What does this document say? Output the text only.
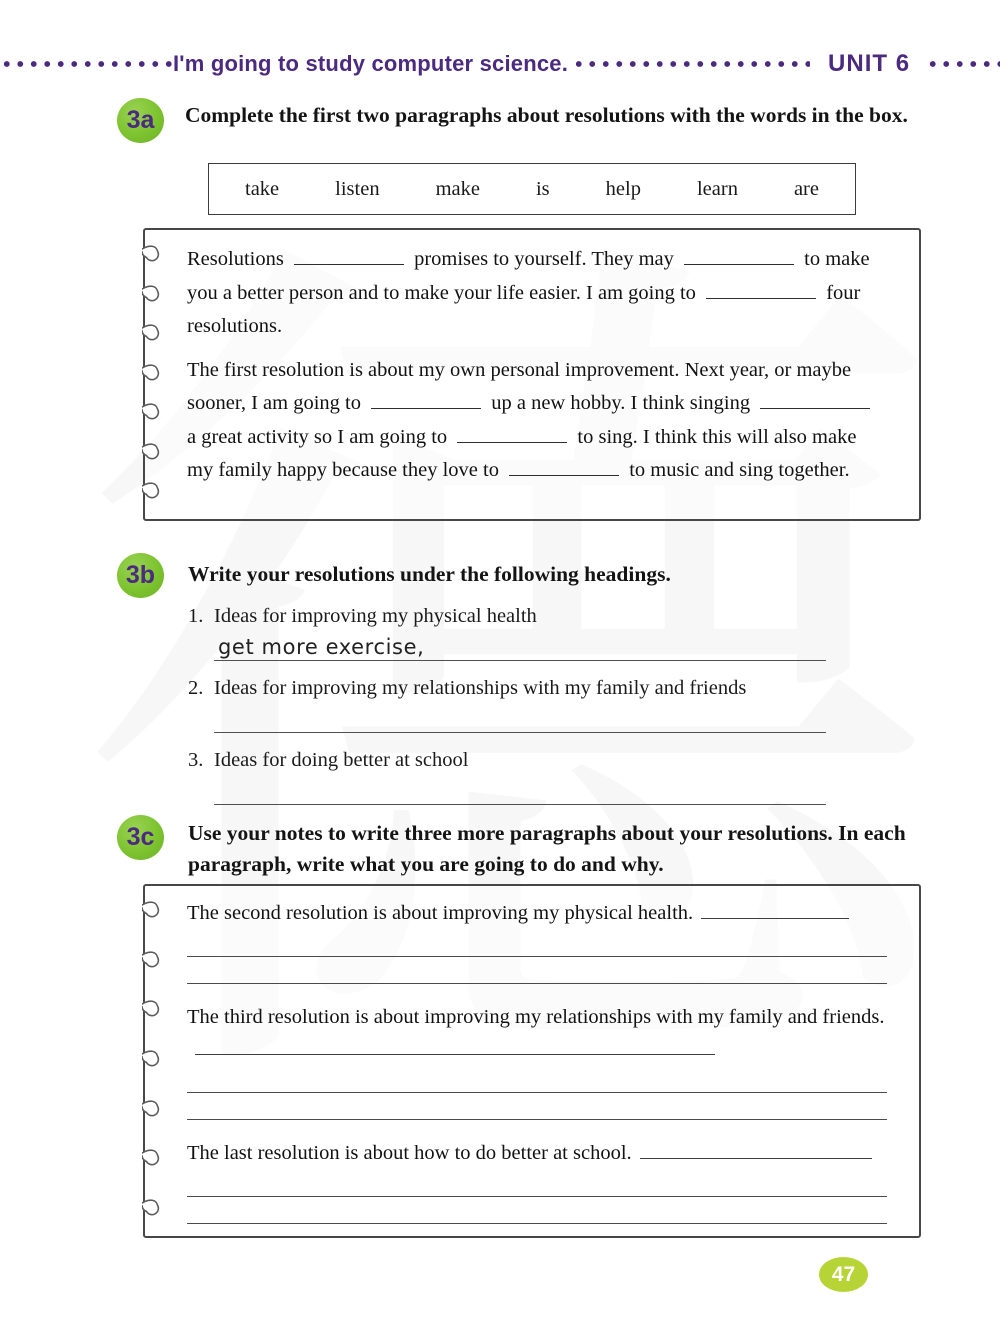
I'm going to study computer science.	UNIT 6
3a	Complete the first two paragraphs about resolutions with the words in the box.
take	listen	make	is	help	learn	are

Resolutions	promises to yourself. They may	to make you a better person and to make your life easier. I am going to	four resolutions.

The first resolution is about my own personal improvement. Next year, or maybe sooner, I am going to	up a new hobby. I think singing  a great activity so I am going to	to sing. I think this will also make my family happy because they love to	to music and sing together.

3b	Write your resolutions under the following headings.
1. Ideas for improving my physical health
get more exercise,
2. Ideas for improving my relationships with my family and friends
3. Ideas for doing better at school
3c	Use your notes to write three more paragraphs about your resolutions. In each paragraph, write what you are going to do and why.

The second resolution is about improving my physical health.

The third resolution is about improving my relationships with my family and friends.

The last resolution is about how to do better at school.

47
